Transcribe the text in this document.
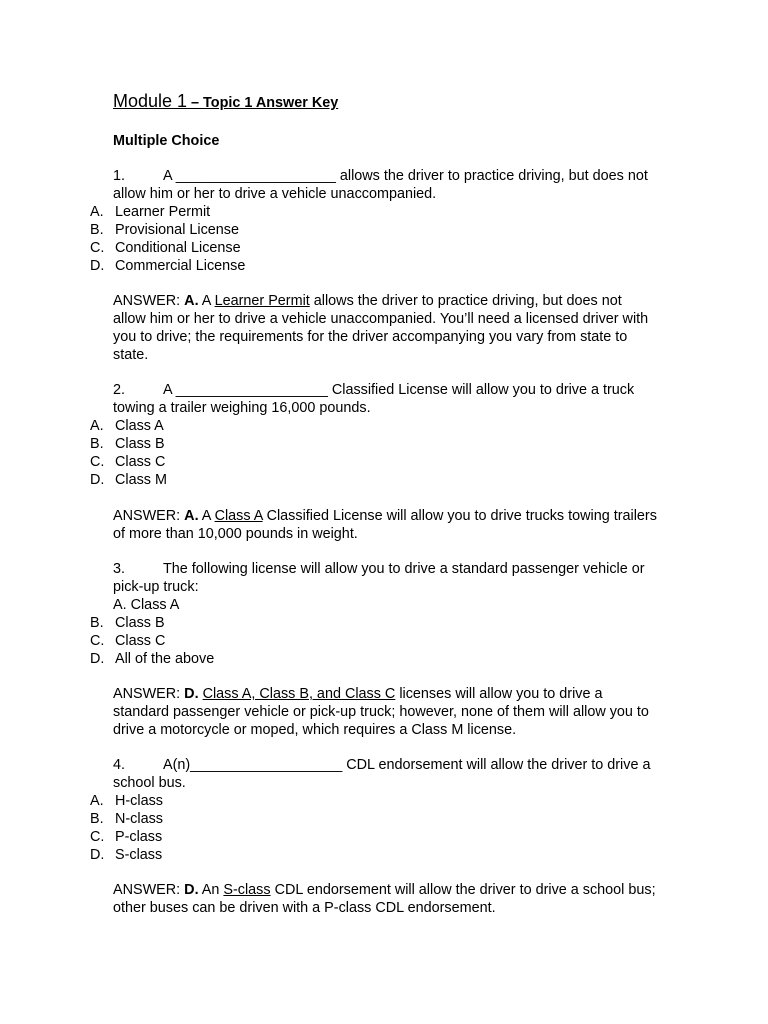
Module 1 – Topic 1 Answer Key
Multiple Choice
1.	A ____________________ allows the driver to practice driving, but does not allow him or her to drive a vehicle unaccompanied.
A. Learner Permit
B. Provisional License
C. Conditional License
D. Commercial License
ANSWER: A. A Learner Permit allows the driver to practice driving, but does not allow him or her to drive a vehicle unaccompanied. You’ll need a licensed driver with you to drive; the requirements for the driver accompanying you vary from state to state.
2.	A ___________________ Classified License will allow you to drive a truck towing a trailer weighing 16,000 pounds.
A. Class A
B. Class B
C. Class C
D. Class M
ANSWER: A. A Class A Classified License will allow you to drive trucks towing trailers of more than 10,000 pounds in weight.
3.	The following license will allow you to drive a standard passenger vehicle or pick-up truck:
A. Class A
B. Class B
C. Class C
D. All of the above
ANSWER: D. Class A, Class B, and Class C licenses will allow you to drive a standard passenger vehicle or pick-up truck; however, none of them will allow you to drive a motorcycle or moped, which requires a Class M license.
4.	A(n)___________________ CDL endorsement will allow the driver to drive a school bus.
A. H-class
B. N-class
C. P-class
D. S-class
ANSWER: D. An S-class CDL endorsement will allow the driver to drive a school bus; other buses can be driven with a P-class CDL endorsement.
